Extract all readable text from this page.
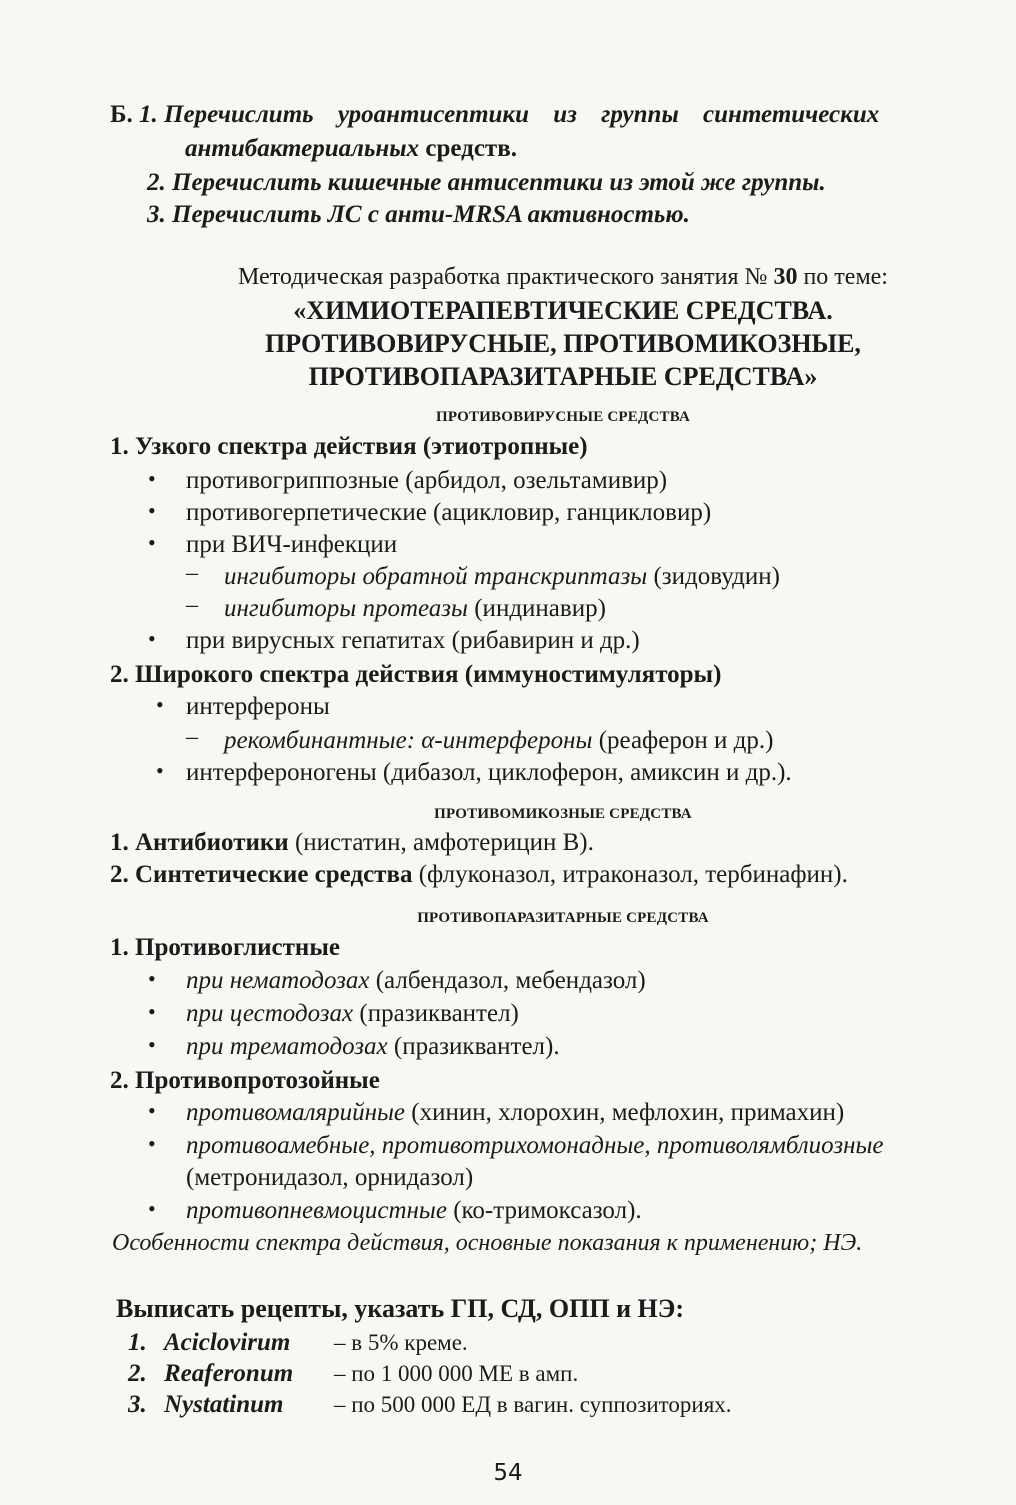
Б. 1. Перечислить уроантисептики из группы синтетических
антибактериальных средств.
2. Перечислить кишечные антисептики из этой же группы.
3. Перечислить ЛС с анти-MRSA активностью.
Методическая разработка практического занятия № 30 по теме:
«ХИМИОТЕРАПЕВТИЧЕСКИЕ СРЕДСТВА.
ПРОТИВОВИРУСНЫЕ, ПРОТИВОМИКОЗНЫЕ,
ПРОТИВОПАРАЗИТАРНЫЕ СРЕДСТВА»
ПРОТИВОВИРУСНЫЕ СРЕДСТВА
1. Узкого спектра действия (этиотропные)
• противогриппозные (арбидол, озельтамивир)
• противогерпетические (ацикловир, ганцикловир)
• при ВИЧ-инфекции
– ингибиторы обратной транскриптазы (зидовудин)
– ингибиторы протеазы (индинавир)
• при вирусных гепатитах (рибавирин и др.)
2. Широкого спектра действия (иммуностимуляторы)
• интерфероны
– рекомбинантные: α-интерфероны (реаферон и др.)
• интерфероногены (дибазол, циклоферон, амиксин и др.).
ПРОТИВОМИКОЗНЫЕ СРЕДСТВА
1. Антибиотики (нистатин, амфотерицин В).
2. Синтетические средства (флуконазол, итраконазол, тербинафин).
ПРОТИВОПАРАЗИТАРНЫЕ СРЕДСТВА
1. Противоглистные
• при нематодозах (албендазол, мебендазол)
• при цестодозах (празиквантел)
• при трематодозах (празиквантел).
2. Противопротозойные
• противомалярийные (хинин, хлорохин, мефлохин, примахин)
• противоамебные, противотрихомонадные, противолямблиозные
(метронидазол, орнидазол)
• противопневмоцистные (ко-тримоксазол).
Особенности спектра действия, основные показания к применению; НЭ.
Выписать рецепты, указать ГП, СД, ОПП и НЭ:
1. Aciclovirum – в 5% креме.
2. Reaferonum – по 1 000 000 МЕ в амп.
3. Nystatinum – по 500 000 ЕД в вагин. суппозиториях.
54
